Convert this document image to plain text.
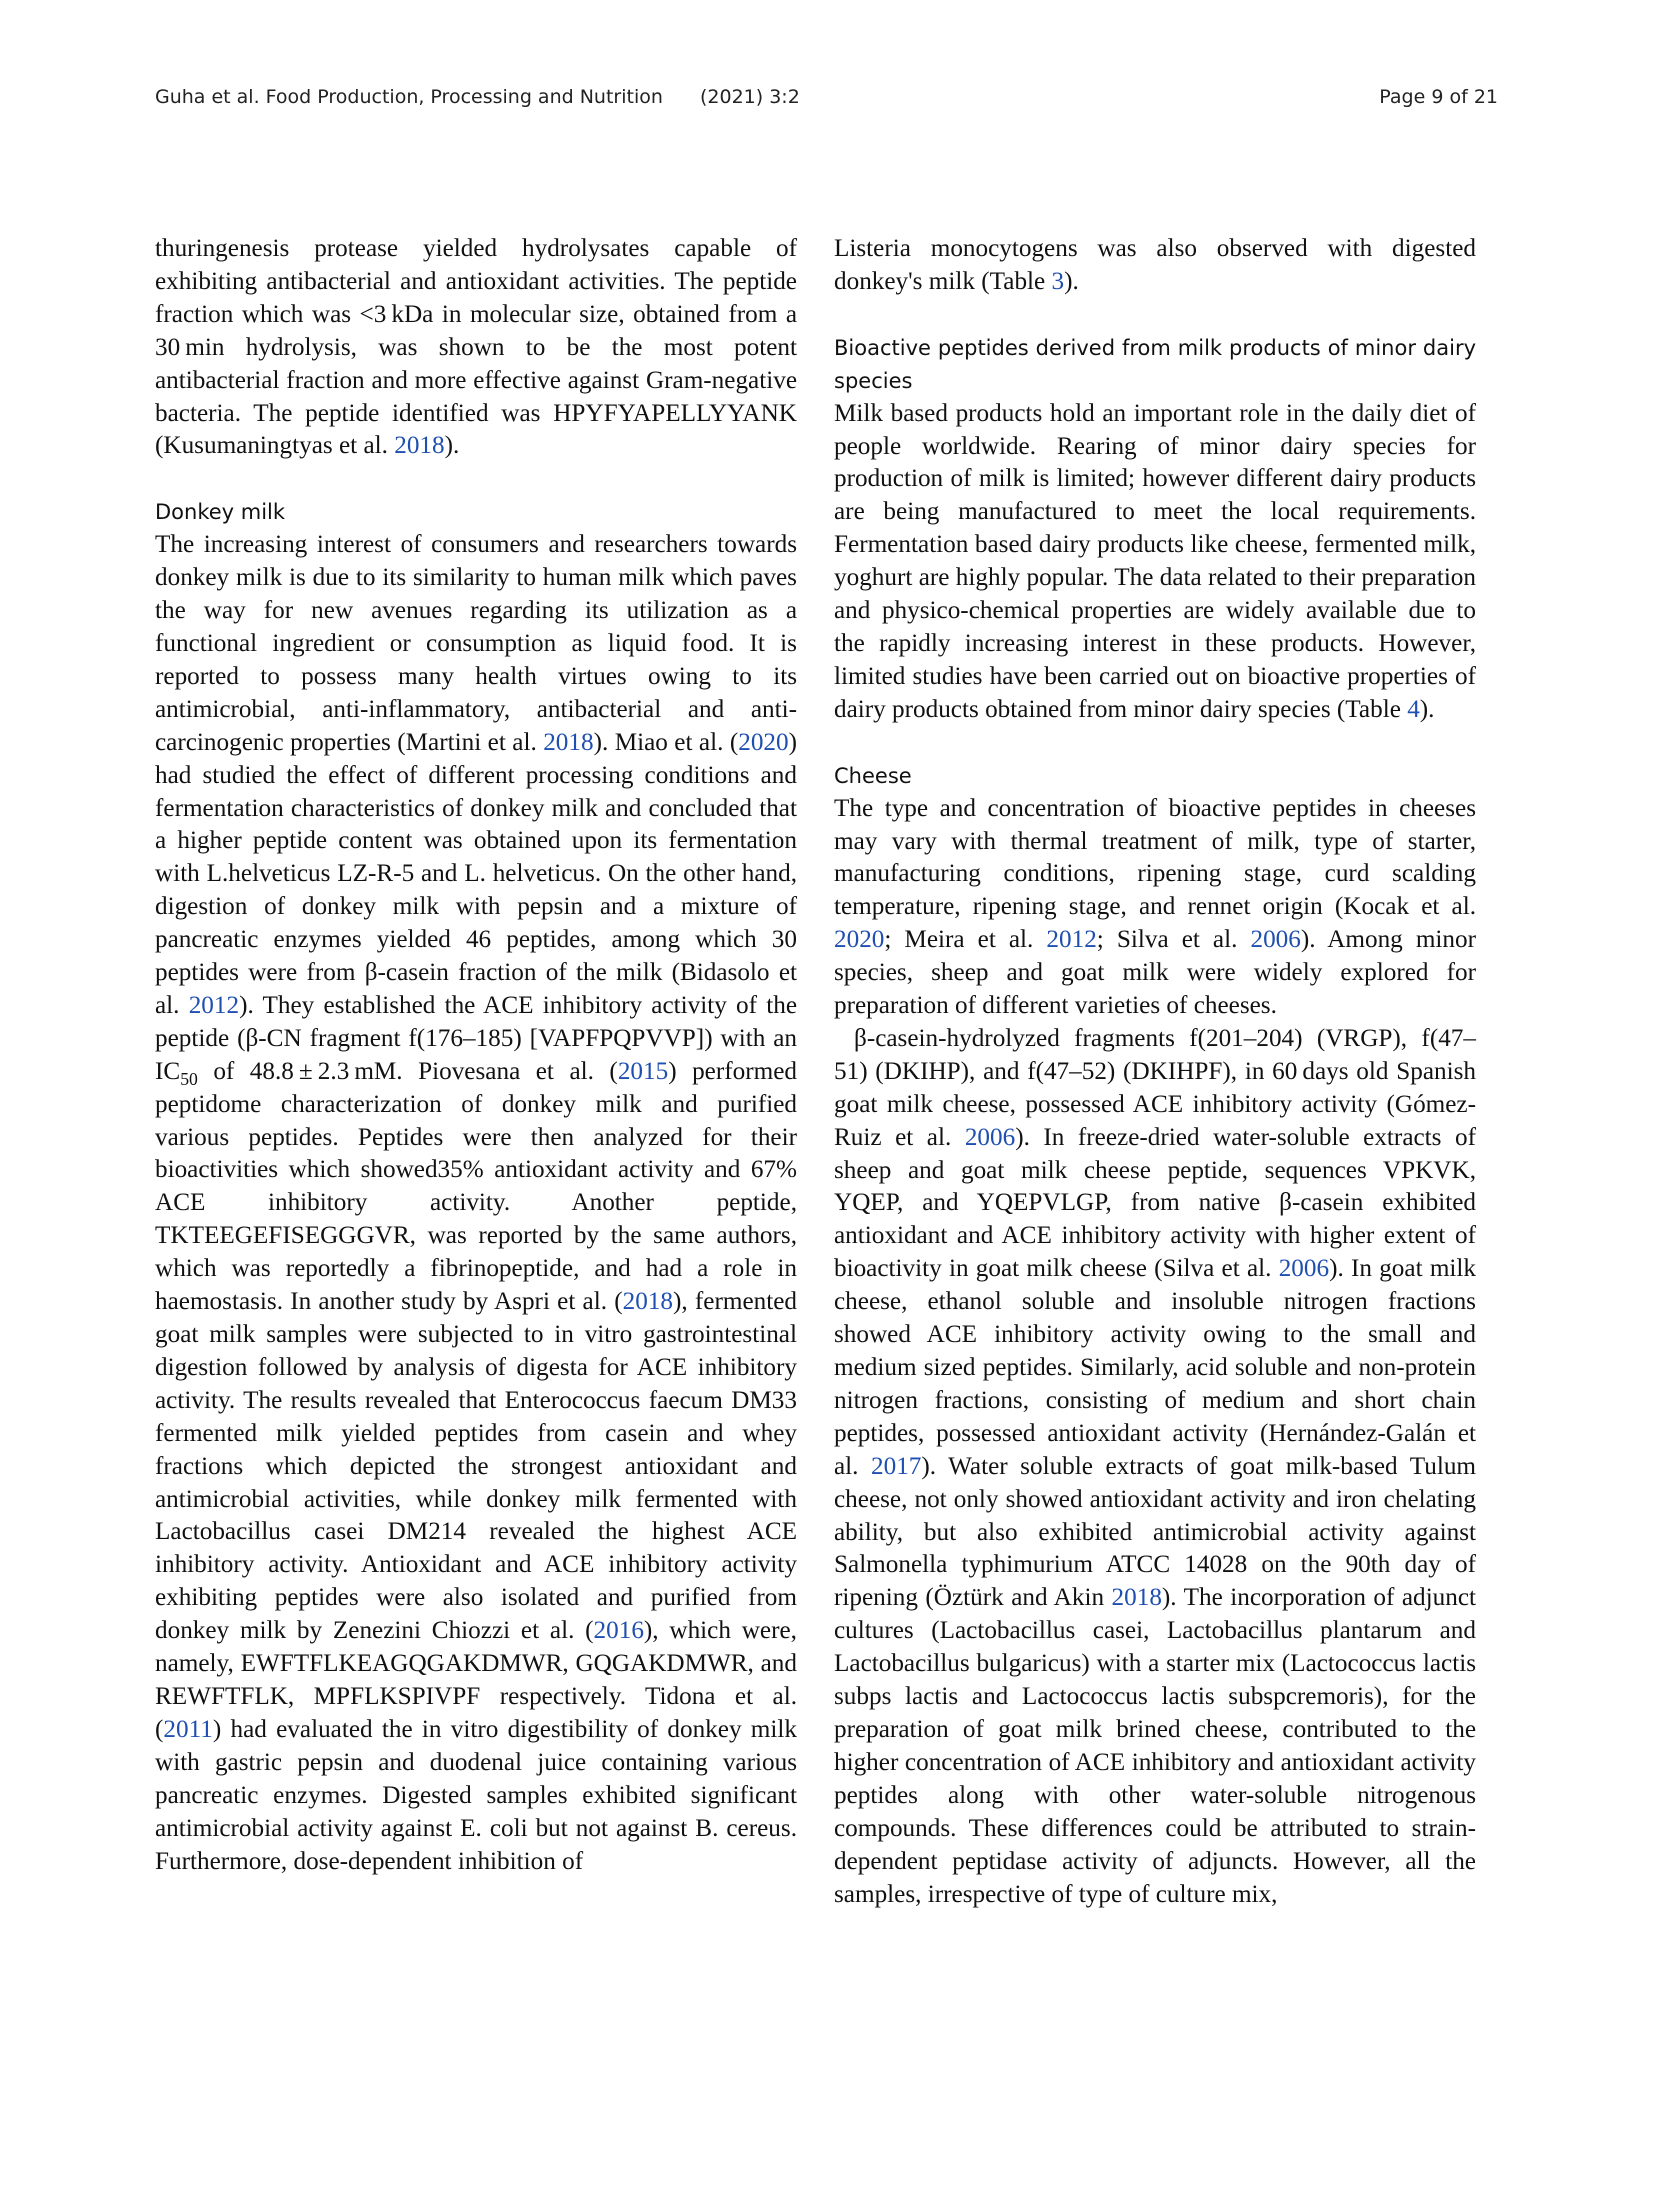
Guha et al. Food Production, Processing and Nutrition (2021) 3:2	Page 9 of 21

thuringenesis protease yielded hydrolysates capable of exhibiting antibacterial and antioxidant activities. The peptide fraction which was <3 kDa in molecular size, obtained from a 30 min hydrolysis, was shown to be the most potent antibacterial fraction and more effective against Gram-negative bacteria. The peptide identified was HPYFYAPELLYYANK (Kusumaningtyas et al. 2018).

Donkey milk

The increasing interest of consumers and researchers towards donkey milk is due to its similarity to human milk which paves the way for new avenues regarding its utilization as a functional ingredient or consumption as liquid food. It is reported to possess many health virtues owing to its antimicrobial, anti-inflammatory, antibacterial and anti-carcinogenic properties (Martini et al. 2018). Miao et al. (2020) had studied the effect of different processing conditions and fermentation characteristics of donkey milk and concluded that a higher peptide content was obtained upon its fermentation with L.helveticus LZ-R-5 and L. helveticus. On the other hand, digestion of donkey milk with pepsin and a mixture of pancreatic enzymes yielded 46 peptides, among which 30 peptides were from β-casein fraction of the milk (Bidasolo et al. 2012). They established the ACE inhibitory activity of the peptide (β-CN fragment f(176–185) [VAPFPQPVVP]) with an $IC_{50}$ of 48.8 ± 2.3 mM. Piovesana et al. (2015) performed peptidome characterization of donkey milk and purified various peptides. Peptides were then analyzed for their bioactivities which showed35% antioxidant activity and 67% ACE inhibitory activity. Another peptide, TKTEEGEFISEGGGVR, was reported by the same authors, which was reportedly a fibrinopeptide, and had a role in haemostasis. In another study by Aspri et al. (2018), fermented goat milk samples were subjected to in vitro gastrointestinal digestion followed by analysis of digesta for ACE inhibitory activity. The results revealed that Enterococcus faecum DM33 fermented milk yielded peptides from casein and whey fractions which depicted the strongest antioxidant and antimicrobial activities, while donkey milk fermented with Lactobacillus casei DM214 revealed the highest ACE inhibitory activity. Antioxidant and ACE inhibitory activity exhibiting peptides were also isolated and purified from donkey milk by Zenezini Chiozzi et al. (2016), which were, namely, EWFTFLKEAGQGAKDMWR, GQGAKDMWR, and REWFTFLK, MPFLKSPIVPF respectively. Tidona et al. (2011) had evaluated the in vitro digestibility of donkey milk with gastric pepsin and duodenal juice containing various pancreatic enzymes. Digested samples exhibited significant antimicrobial activity against E. coli but not against B. cereus. Furthermore, dose-dependent inhibition of

Listeria monocytogens was also observed with digested donkey's milk (Table 3).

Bioactive peptides derived from milk products of minor dairy species

Milk based products hold an important role in the daily diet of people worldwide. Rearing of minor dairy species for production of milk is limited; however different dairy products are being manufactured to meet the local requirements. Fermentation based dairy products like cheese, fermented milk, yoghurt are highly popular. The data related to their preparation and physico-chemical properties are widely available due to the rapidly increasing interest in these products. However, limited studies have been carried out on bioactive properties of dairy products obtained from minor dairy species (Table 4).

Cheese

The type and concentration of bioactive peptides in cheeses may vary with thermal treatment of milk, type of starter, manufacturing conditions, ripening stage, curd scalding temperature, ripening stage, and rennet origin (Kocak et al. 2020; Meira et al. 2012; Silva et al. 2006). Among minor species, sheep and goat milk were widely explored for preparation of different varieties of cheeses.

β-casein-hydrolyzed fragments f(201–204) (VRGP), f(47–51) (DKIHP), and f(47–52) (DKIHPF), in 60 days old Spanish goat milk cheese, possessed ACE inhibitory activity (Gómez-Ruiz et al. 2006). In freeze-dried water-soluble extracts of sheep and goat milk cheese peptide, sequences VPKVK, YQEP, and YQEPVLGP, from native β-casein exhibited antioxidant and ACE inhibitory activity with higher extent of bioactivity in goat milk cheese (Silva et al. 2006). In goat milk cheese, ethanol soluble and insoluble nitrogen fractions showed ACE inhibitory activity owing to the small and medium sized peptides. Similarly, acid soluble and non-protein nitrogen fractions, consisting of medium and short chain peptides, possessed antioxidant activity (Hernández-Galán et al. 2017). Water soluble extracts of goat milk-based Tulum cheese, not only showed antioxidant activity and iron chelating ability, but also exhibited antimicrobial activity against Salmonella typhimurium ATCC 14028 on the 90th day of ripening (Öztürk and Akin 2018). The incorporation of adjunct cultures (Lactobacillus casei, Lactobacillus plantarum and Lactobacillus bulgaricus) with a starter mix (Lactococcus lactis subps lactis and Lactococcus lactis subspcremoris), for the preparation of goat milk brined cheese, contributed to the higher concentration of ACE inhibitory and antioxidant activity peptides along with other water-soluble nitrogenous compounds. These differences could be attributed to strain-dependent peptidase activity of adjuncts. However, all the samples, irrespective of type of culture mix,
